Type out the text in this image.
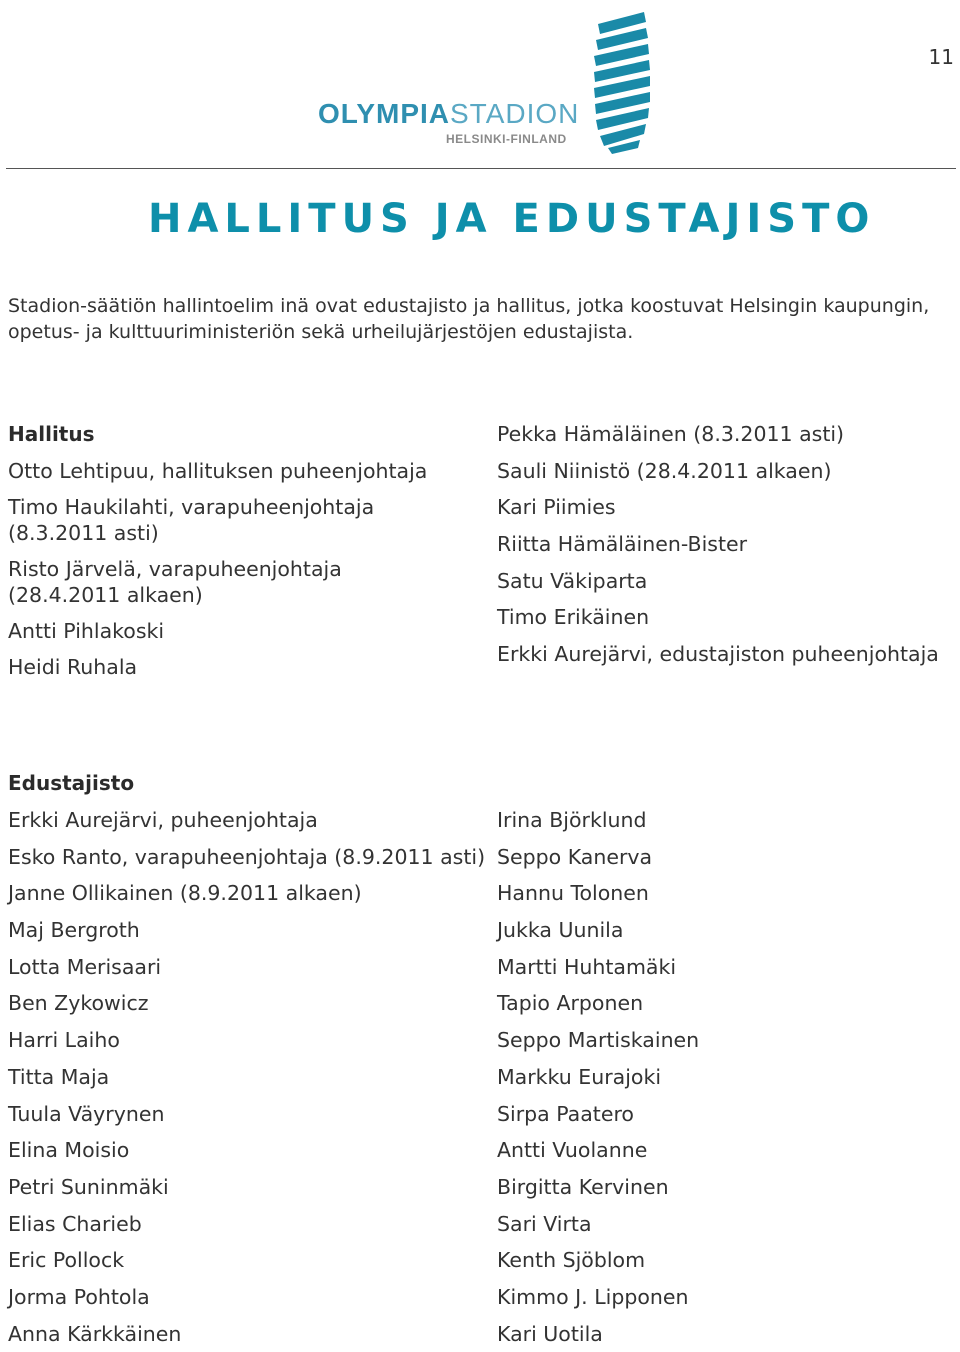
11
OLYMPIASTADION
HELSINKI-FINLAND
HALLITUS JA EDUSTAJISTO

Stadion-säätiön hallintoelim inä ovat edustajisto ja hallitus, jotka koostuvat Helsingin kaupungin, opetus- ja kulttuuriministeriön sekä urheilujärjestöjen edustajista.

Hallitus
Otto Lehtipuu, hallituksen puheenjohtaja
Timo Haukilahti, varapuheenjohtaja
(8.3.2011 asti)
Risto Järvelä, varapuheenjohtaja
(28.4.2011 alkaen)
Antti Pihlakoski
Heidi Ruhala
Pekka Hämäläinen (8.3.2011 asti)
Sauli Niinistö (28.4.2011 alkaen)
Kari Piimies
Riitta Hämäläinen-Bister
Satu Väkiparta
Timo Erikäinen
Erkki Aurejärvi, edustajiston puheenjohtaja
Edustajisto
Erkki Aurejärvi, puheenjohtaja
Esko Ranto, varapuheenjohtaja (8.9.2011 asti)
Janne Ollikainen (8.9.2011 alkaen)
Maj Bergroth
Lotta Merisaari
Ben Zykowicz
Harri Laiho
Titta Maja
Tuula Väyrynen
Elina Moisio
Petri Suninmäki
Elias Charieb
Eric Pollock
Jorma Pohtola
Anna Kärkkäinen
Irina Björklund
Seppo Kanerva
Hannu Tolonen
Jukka Uunila
Martti Huhtamäki
Tapio Arponen
Seppo Martiskainen
Markku Eurajoki
Sirpa Paatero
Antti Vuolanne
Birgitta Kervinen
Sari Virta
Kenth Sjöblom
Kimmo J. Lipponen
Kari Uotila
